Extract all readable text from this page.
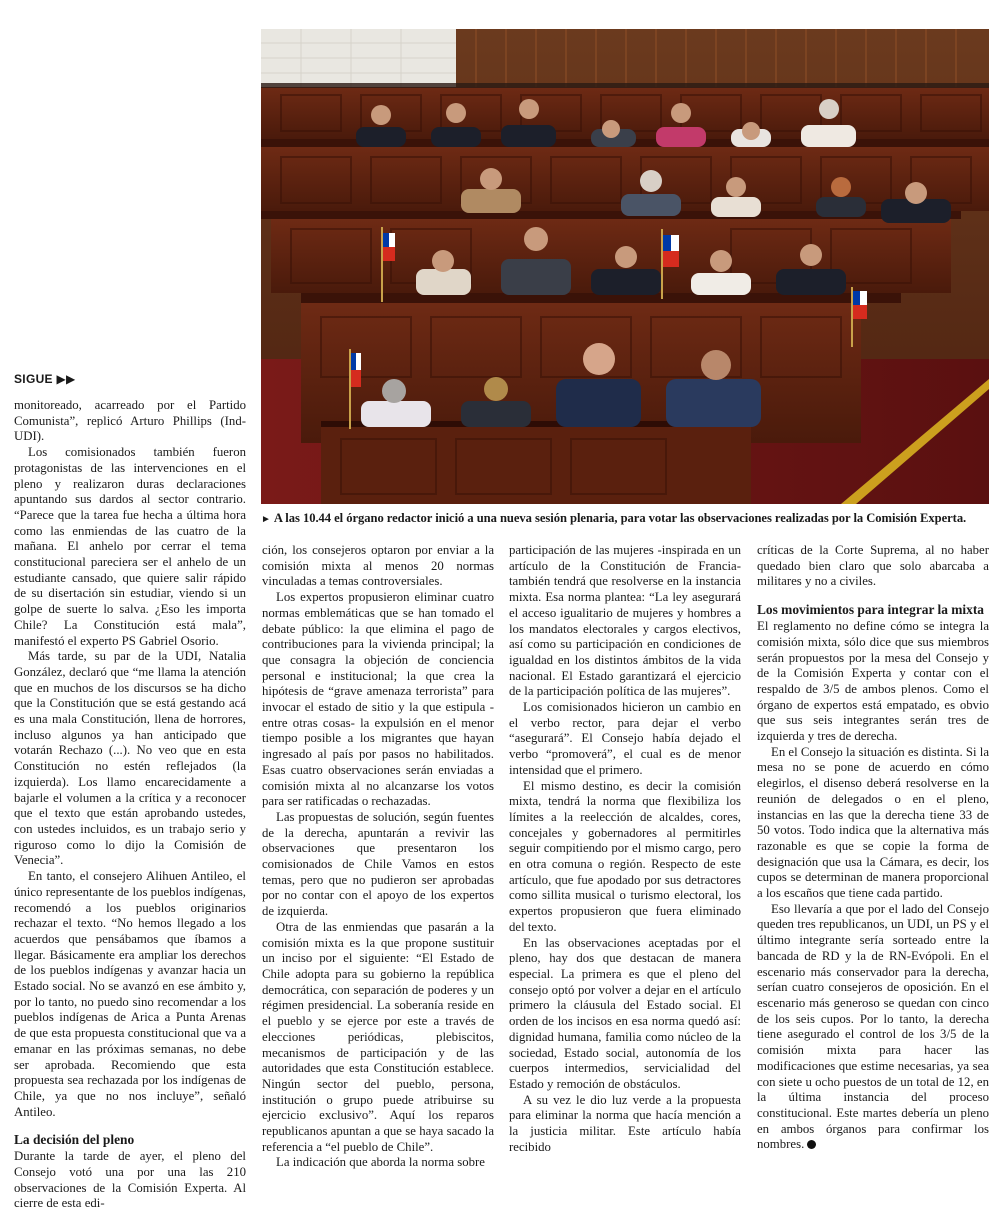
► A las 10.44 el órgano redactor inició a una nueva sesión plenaria, para votar las observaciones realizadas por la Comisión Experta.
SIGUE ▶▶

monitoreado, acarreado por el Partido Comunista”, replicó Arturo Phillips (Ind-UDI).

Los comisionados también fueron protagonistas de las intervenciones en el pleno y realizaron duras declaraciones apuntando sus dardos al sector contrario. “Parece que la tarea fue hecha a última hora como las enmiendas de las cuatro de la mañana. El anhelo por cerrar el tema constitucional pareciera ser el anhelo de un estudiante cansado, que quiere salir rápido de su disertación sin estudiar, viendo si un golpe de suerte lo salva. ¿Eso les importa Chile? La Constitución está mala”, manifestó el experto PS Gabriel Osorio.

Más tarde, su par de la UDI, Natalia González, declaró que “me llama la atención que en muchos de los discursos se ha dicho que la Constitución que se está gestando acá es una mala Constitución, llena de horrores, incluso algunos ya han anticipado que votarán Rechazo (...). No veo que en esta Constitución no estén reflejados (la izquierda). Los llamo encarecidamente a bajarle el volumen a la crítica y a reconocer que el texto que están aprobando ustedes, con ustedes incluidos, es un trabajo serio y riguroso como lo dijo la Comisión de Venecia”.

En tanto, el consejero Alihuen Antileo, el único representante de los pueblos indígenas, recomendó a los pueblos originarios rechazar el texto. “No hemos llegado a los acuerdos que pensábamos que íbamos a llegar. Básicamente era ampliar los derechos de los pueblos indígenas y avanzar hacia un Estado social. No se avanzó en ese ámbito y, por lo tanto, no puedo sino recomendar a los pueblos indígenas de Arica a Punta Arenas de que esta propuesta constitucional que va a emanar en las próximas semanas, no debe ser aprobada. Recomiendo que esta propuesta sea rechazada por los indígenas de Chile, ya que no nos incluye”, señaló Antileo.

La decisión del pleno

Durante la tarde de ayer, el pleno del Consejo votó una por una las 210 observaciones de la Comisión Experta. Al cierre de esta edi-

ción, los consejeros optaron por enviar a la comisión mixta al menos 20 normas vinculadas a temas controversiales.

Los expertos propusieron eliminar cuatro normas emblemáticas que se han tomado el debate público: la que elimina el pago de contribuciones para la vivienda principal; la que consagra la objeción de conciencia personal e institucional; la que crea la hipótesis de “grave amenaza terrorista” para invocar el estado de sitio y la que estipula -entre otras cosas- la expulsión en el menor tiempo posible a los migrantes que hayan ingresado al país por pasos no habilitados. Esas cuatro observaciones serán enviadas a comisión mixta al no alcanzarse los votos para ser ratificadas o rechazadas.

Las propuestas de solución, según fuentes de la derecha, apuntarán a revivir las observaciones que presentaron los comisionados de Chile Vamos en estos temas, pero que no pudieron ser aprobadas por no contar con el apoyo de los expertos de izquierda.

Otra de las enmiendas que pasarán a la comisión mixta es la que propone sustituir un inciso por el siguiente: “El Estado de Chile adopta para su gobierno la república democrática, con separación de poderes y un régimen presidencial. La soberanía reside en el pueblo y se ejerce por este a través de elecciones periódicas, plebiscitos, mecanismos de participación y de las autoridades que esta Constitución establece. Ningún sector del pueblo, persona, institución o grupo puede atribuirse su ejercicio exclusivo”. Aquí los reparos republicanos apuntan a que se haya sacado la referencia a “el pueblo de Chile”.

La indicación que aborda la norma sobre

participación de las mujeres -inspirada en un artículo de la Constitución de Francia- también tendrá que resolverse en la instancia mixta. Esa norma plantea: “La ley asegurará el acceso igualitario de mujeres y hombres a los mandatos electorales y cargos electivos, así como su participación en condiciones de igualdad en los distintos ámbitos de la vida nacional. El Estado garantizará el ejercicio de la participación política de las mujeres”.

Los comisionados hicieron un cambio en el verbo rector, para dejar el verbo “asegurará”. El Consejo había dejado el verbo “promoverá”, el cual es de menor intensidad que el primero.

El mismo destino, es decir la comisión mixta, tendrá la norma que flexibiliza los límites a la reelección de alcaldes, cores, concejales y gobernadores al permitirles seguir compitiendo por el mismo cargo, pero en otra comuna o región. Respecto de este artículo, que fue apodado por sus detractores como sillita musical o turismo electoral, los expertos propusieron que fuera eliminado del texto.

En las observaciones aceptadas por el pleno, hay dos que destacan de manera especial. La primera es que el pleno del consejo optó por volver a dejar en el artículo primero la cláusula del Estado social. El orden de los incisos en esa norma quedó así: dignidad humana, familia como núcleo de la sociedad, Estado social, autonomía de los cuerpos intermedios, servicialidad del Estado y remoción de obstáculos.

A su vez le dio luz verde a la propuesta para eliminar la norma que hacía mención a la justicia militar. Este artículo había recibido

críticas de la Corte Suprema, al no haber quedado bien claro que solo abarcaba a militares y no a civiles.

Los movimientos para integrar la mixta

El reglamento no define cómo se integra la comisión mixta, sólo dice que sus miembros serán propuestos por la mesa del Consejo y de la Comisión Experta y contar con el respaldo de 3/5 de ambos plenos. Como el órgano de expertos está empatado, es obvio que sus seis integrantes serán tres de izquierda y tres de derecha.

En el Consejo la situación es distinta. Si la mesa no se pone de acuerdo en cómo elegirlos, el disenso deberá resolverse en la reunión de delegados o en el pleno, instancias en las que la derecha tiene 33 de 50 votos. Todo indica que la alternativa más razonable es que se copie la forma de designación que usa la Cámara, es decir, los cupos se determinan de manera proporcional a los escaños que tiene cada partido.

Eso llevaría a que por el lado del Consejo queden tres republicanos, un UDI, un PS y el último integrante sería sorteado entre la bancada de RD y la de RN-Evópoli. En el escenario más conservador para la derecha, serían cuatro consejeros de oposición. En el escenario más generoso se quedan con cinco de los seis cupos. Por lo tanto, la derecha tiene asegurado el control de los 3/5 de la comisión mixta para hacer las modificaciones que estime necesarias, ya sea con siete u ocho puestos de un total de 12, en la última instancia del proceso constitucional. Este martes debería un pleno en ambos órganos para confirmar los nombres.
